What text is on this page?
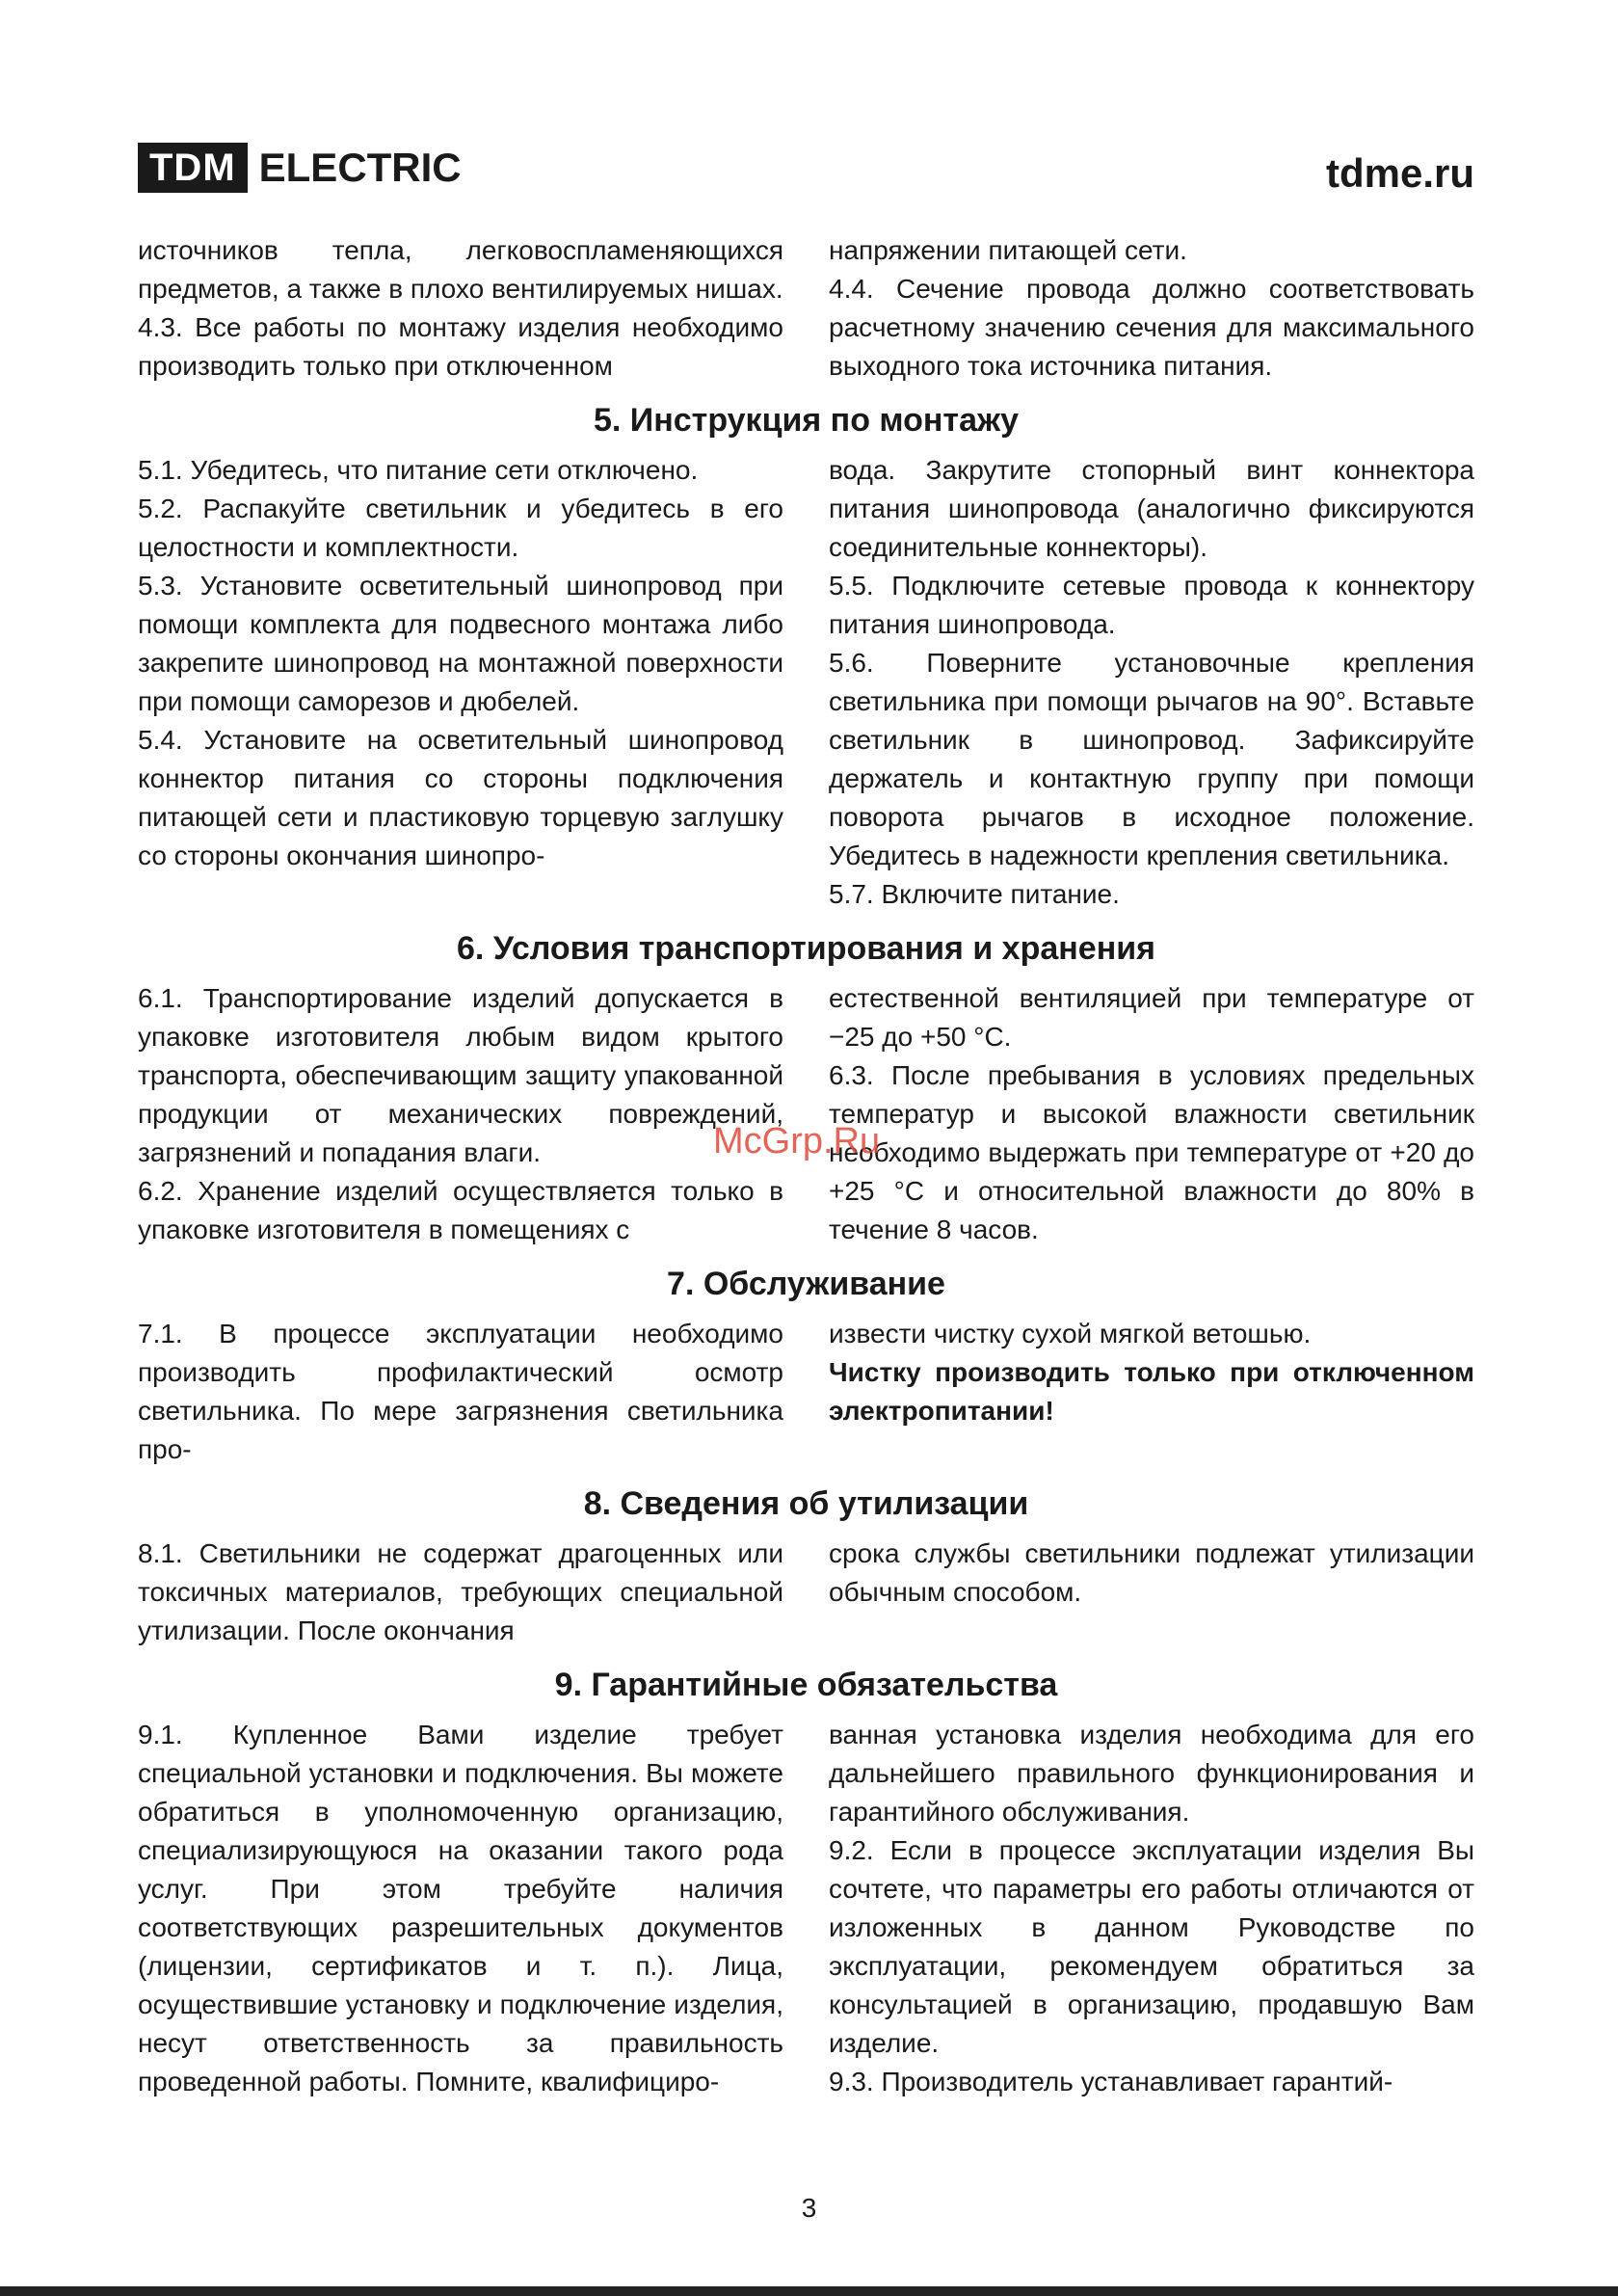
TDM ELECTRIC	tdme.ru

источников тепла, легковоспламеняющихся предметов, а также в плохо вентилируемых нишах.

4.3. Все работы по монтажу изделия необходимо производить только при отключенном

напряжении питающей сети.

4.4. Сечение провода должно соответствовать расчетному значению сечения для максимального выходного тока источника питания.

5. Инструкция по монтажу

5.1. Убедитесь, что питание сети отключено.

5.2. Распакуйте светильник и убедитесь в его целостности и комплектности.

5.3. Установите осветительный шинопровод при помощи комплекта для подвесного монтажа либо закрепите шинопровод на монтажной поверхности при помощи саморезов и дюбелей.

5.4. Установите на осветительный шинопровод коннектор питания со стороны подключения питающей сети и пластиковую торцевую заглушку со стороны окончания шинопро-

вода. Закрутите стопорный винт коннектора питания шинопровода (аналогично фиксируются соединительные коннекторы).

5.5. Подключите сетевые провода к коннектору питания шинопровода.

5.6. Поверните установочные крепления светильника при помощи рычагов на 90°. Вставьте светильник в шинопровод. Зафиксируйте держатель и контактную группу при помощи поворота рычагов в исходное положение. Убедитесь в надежности крепления светильника.

5.7. Включите питание.

6. Условия транспортирования и хранения

6.1. Транспортирование изделий допускается в упаковке изготовителя любым видом крытого транспорта, обеспечивающим защиту упакованной продукции от механических повреждений, загрязнений и попадания влаги.

6.2. Хранение изделий осуществляется только в упаковке изготовителя в помещениях с

естественной вентиляцией при температуре от −25 до +50 °С.

6.3. После пребывания в условиях предельных температур и высокой влажности светильник необходимо выдержать при температуре от +20 до +25 °С и относительной влажности до 80% в течение 8 часов.

7. Обслуживание

7.1. В процессе эксплуатации необходимо производить профилактический осмотр светильника. По мере загрязнения светильника про-

извести чистку сухой мягкой ветошью.

Чистку производить только при отключенном электропитании!

8. Сведения об утилизации

8.1. Светильники не содержат драгоценных или токсичных материалов, требующих специальной утилизации. После окончания

срока службы светильники подлежат утилизации обычным способом.

9. Гарантийные обязательства

9.1. Купленное Вами изделие требует специальной установки и подключения. Вы можете обратиться в уполномоченную организацию, специализирующуюся на оказании такого рода услуг. При этом требуйте наличия соответствующих разрешительных документов (лицензии, сертификатов и т. п.). Лица, осуществившие установку и подключение изделия, несут ответственность за правильность проведенной работы. Помните, квалифициро-

ванная установка изделия необходима для его дальнейшего правильного функционирования и гарантийного обслуживания.

9.2. Если в процессе эксплуатации изделия Вы сочтете, что параметры его работы отличаются от изложенных в данном Руководстве по эксплуатации, рекомендуем обратиться за консультацией в организацию, продавшую Вам изделие.

9.3. Производитель устанавливает гарантий-

McGrp.Ru
3
